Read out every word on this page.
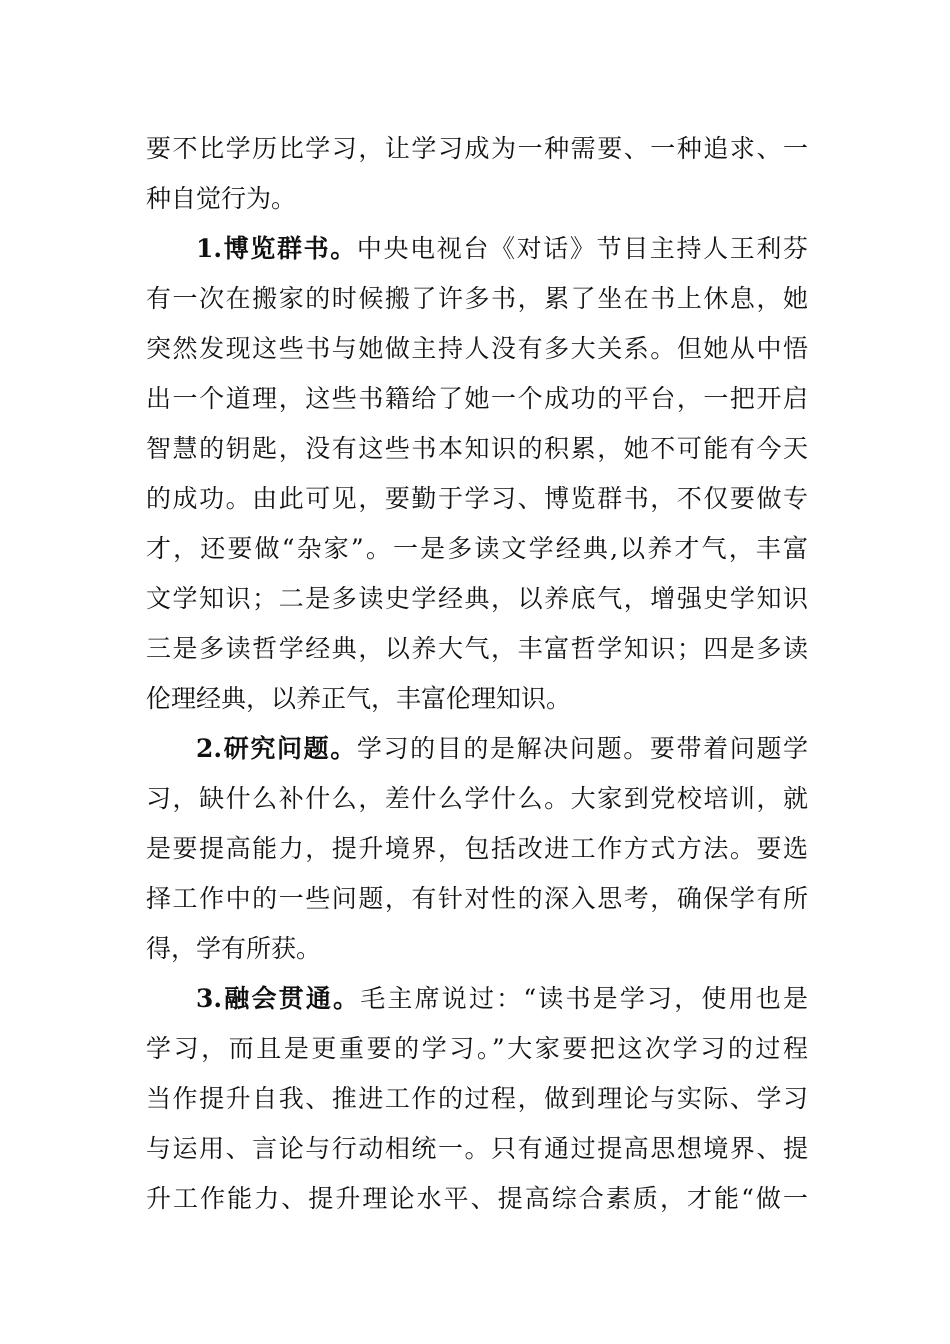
要不比学历比学习，让学习成为一种需要、一种追求、一
种自觉行为。
1.博览群书。中央电视台《对话》节目主持人王利芬
有一次在搬家的时候搬了许多书，累了坐在书上休息，她
突然发现这些书与她做主持人没有多大关系。但她从中悟
出一个道理，这些书籍给了她一个成功的平台，一把开启
智慧的钥匙，没有这些书本知识的积累，她不可能有今天
的成功。由此可见，要勤于学习、博览群书，不仅要做专
才，还要做“杂家”。一是多读文学经典,以养才气，丰富
文学知识；二是多读史学经典，以养底气，增强史学知识
三是多读哲学经典，以养大气，丰富哲学知识；四是多读
伦理经典，以养正气，丰富伦理知识。
2.研究问题。学习的目的是解决问题。要带着问题学
习，缺什么补什么，差什么学什么。大家到党校培训，就
是要提高能力，提升境界，包括改进工作方式方法。要选
择工作中的一些问题，有针对性的深入思考，确保学有所
得，学有所获。
3.融会贯通。毛主席说过：“读书是学习，使用也是
学习，而且是更重要的学习。”大家要把这次学习的过程
当作提升自我、推进工作的过程，做到理论与实际、学习
与运用、言论与行动相统一。只有通过提高思想境界、提
升工作能力、提升理论水平、提高综合素质，才能“做一
